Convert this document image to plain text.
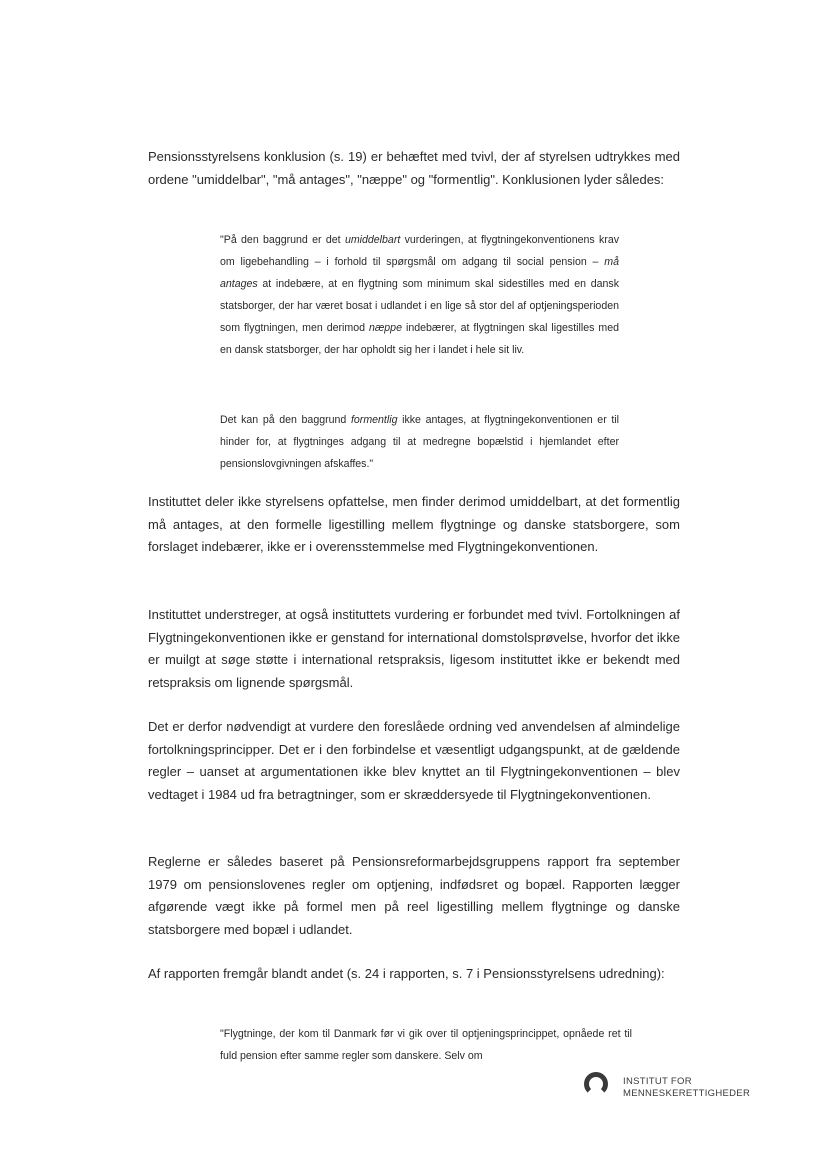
Pensionsstyrelsens konklusion (s. 19) er behæftet med tvivl, der af styrelsen udtrykkes med ordene "umiddelbar", "må antages", "næppe" og "formentlig". Konklusionen lyder således:

"På den baggrund er det umiddelbart vurderingen, at flygtningekonventionens krav om ligebehandling – i forhold til spørgsmål om adgang til social pension – må antages at indebære, at en flygtning som minimum skal sidestilles med en dansk statsborger, der har været bosat i udlandet i en lige så stor del af optjeningsperioden som flygtningen, men derimod næppe indebærer, at flygtningen skal ligestilles med en dansk statsborger, der har opholdt sig her i landet i hele sit liv.

Det kan på den baggrund formentlig ikke antages, at flygtningekonventionen er til hinder for, at flygtninges adgang til at medregne bopælstid i hjemlandet efter pensionslovgivningen afskaffes."

Instituttet deler ikke styrelsens opfattelse, men finder derimod umiddelbart, at det formentlig må antages, at den formelle ligestilling mellem flygtninge og danske statsborgere, som forslaget indebærer, ikke er i overensstemmelse med Flygtningekonventionen.

Instituttet understreger, at også instituttets vurdering er forbundet med tvivl. Fortolkningen af Flygtningekonventionen ikke er genstand for international domstolsprøvelse, hvorfor det ikke er muilgt at søge støtte i international retspraksis, ligesom instituttet ikke er bekendt med retspraksis om lignende spørgsmål.

Det er derfor nødvendigt at vurdere den foreslåede ordning ved anvendelsen af almindelige fortolkningsprincipper. Det er i den forbindelse et væsentligt udgangspunkt, at de gældende regler – uanset at argumentationen ikke blev knyttet an til Flygtningekonventionen – blev vedtaget i 1984 ud fra betragtninger, som er skræddersyede til Flygtningekonventionen.

Reglerne er således baseret på Pensionsreformarbejdsgruppens rapport fra september 1979 om pensionslovenes regler om optjening, indfødsret og bopæl. Rapporten lægger afgørende vægt ikke på formel men på reel ligestilling mellem flygtninge og danske statsborgere med bopæl i udlandet.

Af rapporten fremgår blandt andet (s. 24 i rapporten, s. 7 i Pensionsstyrelsens udredning):

"Flygtninge, der kom til Danmark før vi gik over til optjeningsprincippet, opnåede ret til fuld pension efter samme regler som danskere. Selv om

INSTITUT FOR
MENNESKERETTIGHEDER
